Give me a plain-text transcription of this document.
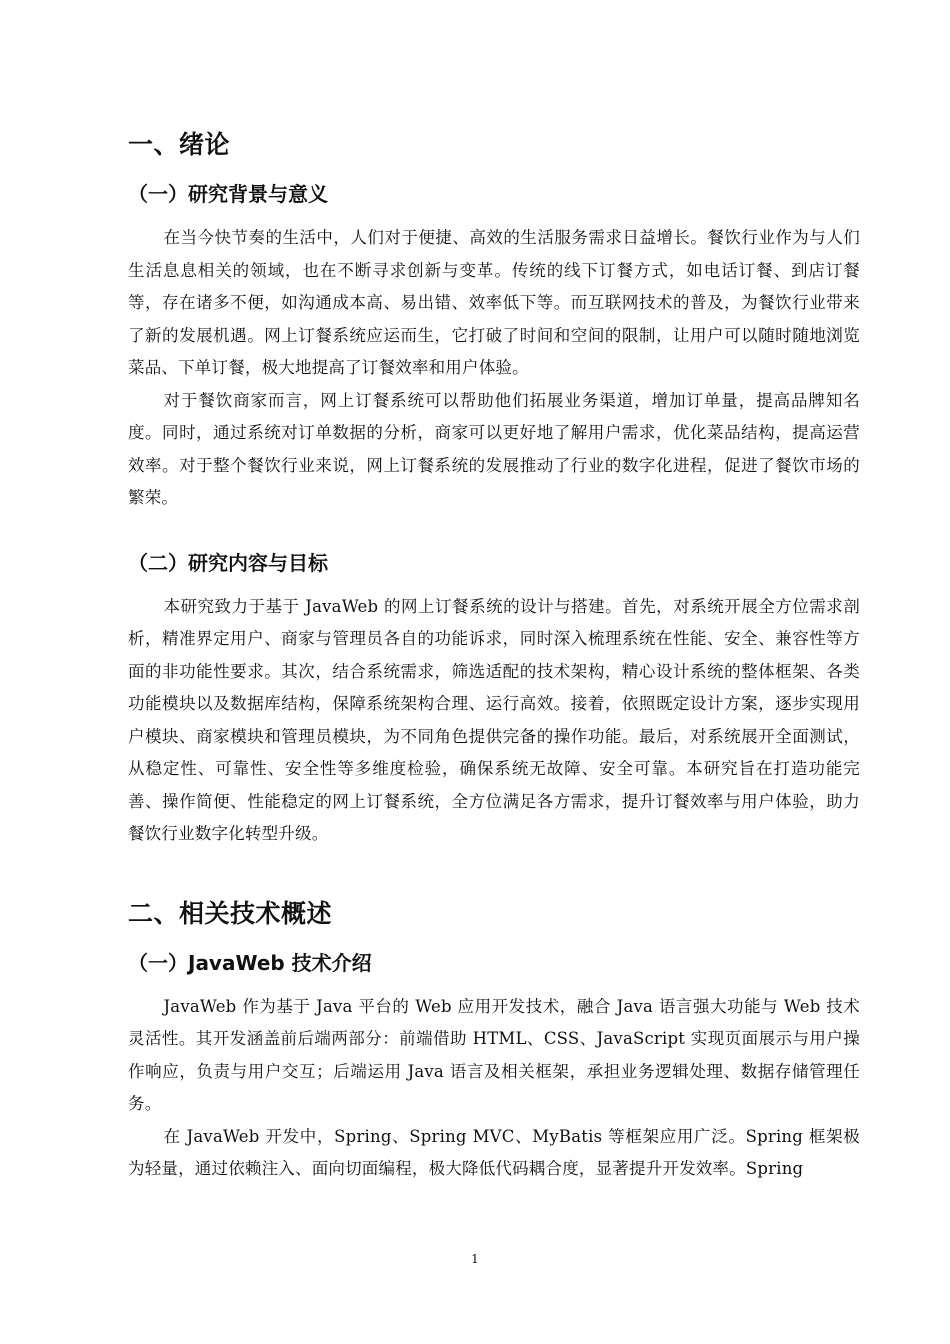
一、绪论
（一）研究背景与意义

在当今快节奏的生活中，人们对于便捷、高效的生活服务需求日益增长。餐饮行业作为与人们生活息息相关的领域，也在不断寻求创新与变革。传统的线下订餐方式，如电话订餐、到店订餐等，存在诸多不便，如沟通成本高、易出错、效率低下等。而互联网技术的普及，为餐饮行业带来了新的发展机遇。网上订餐系统应运而生，它打破了时间和空间的限制，让用户可以随时随地浏览菜品、下单订餐，极大地提高了订餐效率和用户体验。

对于餐饮商家而言，网上订餐系统可以帮助他们拓展业务渠道，增加订单量，提高品牌知名度。同时，通过系统对订单数据的分析，商家可以更好地了解用户需求，优化菜品结构，提高运营效率。对于整个餐饮行业来说，网上订餐系统的发展推动了行业的数字化进程，促进了餐饮市场的繁荣。

（二）研究内容与目标

本研究致力于基于 JavaWeb 的网上订餐系统的设计与搭建。首先，对系统开展全方位需求剖析，精准界定用户、商家与管理员各自的功能诉求，同时深入梳理系统在性能、安全、兼容性等方面的非功能性要求。其次，结合系统需求，筛选适配的技术架构，精心设计系统的整体框架、各类功能模块以及数据库结构，保障系统架构合理、运行高效。接着，依照既定设计方案，逐步实现用户模块、商家模块和管理员模块，为不同角色提供完备的操作功能。最后，对系统展开全面测试，从稳定性、可靠性、安全性等多维度检验，确保系统无故障、安全可靠。本研究旨在打造功能完善、操作简便、性能稳定的网上订餐系统，全方位满足各方需求，提升订餐效率与用户体验，助力餐饮行业数字化转型升级。

二、相关技术概述
（一）JavaWeb 技术介绍

JavaWeb 作为基于 Java 平台的 Web 应用开发技术，融合 Java 语言强大功能与 Web 技术灵活性。其开发涵盖前后端两部分：前端借助 HTML、CSS、JavaScript 实现页面展示与用户操作响应，负责与用户交互；后端运用 Java 语言及相关框架，承担业务逻辑处理、数据存储管理任务。

在 JavaWeb 开发中，Spring、Spring MVC、MyBatis 等框架应用广泛。Spring 框架极为轻量，通过依赖注入、面向切面编程，极大降低代码耦合度，显著提升开发效率。Spring

1
